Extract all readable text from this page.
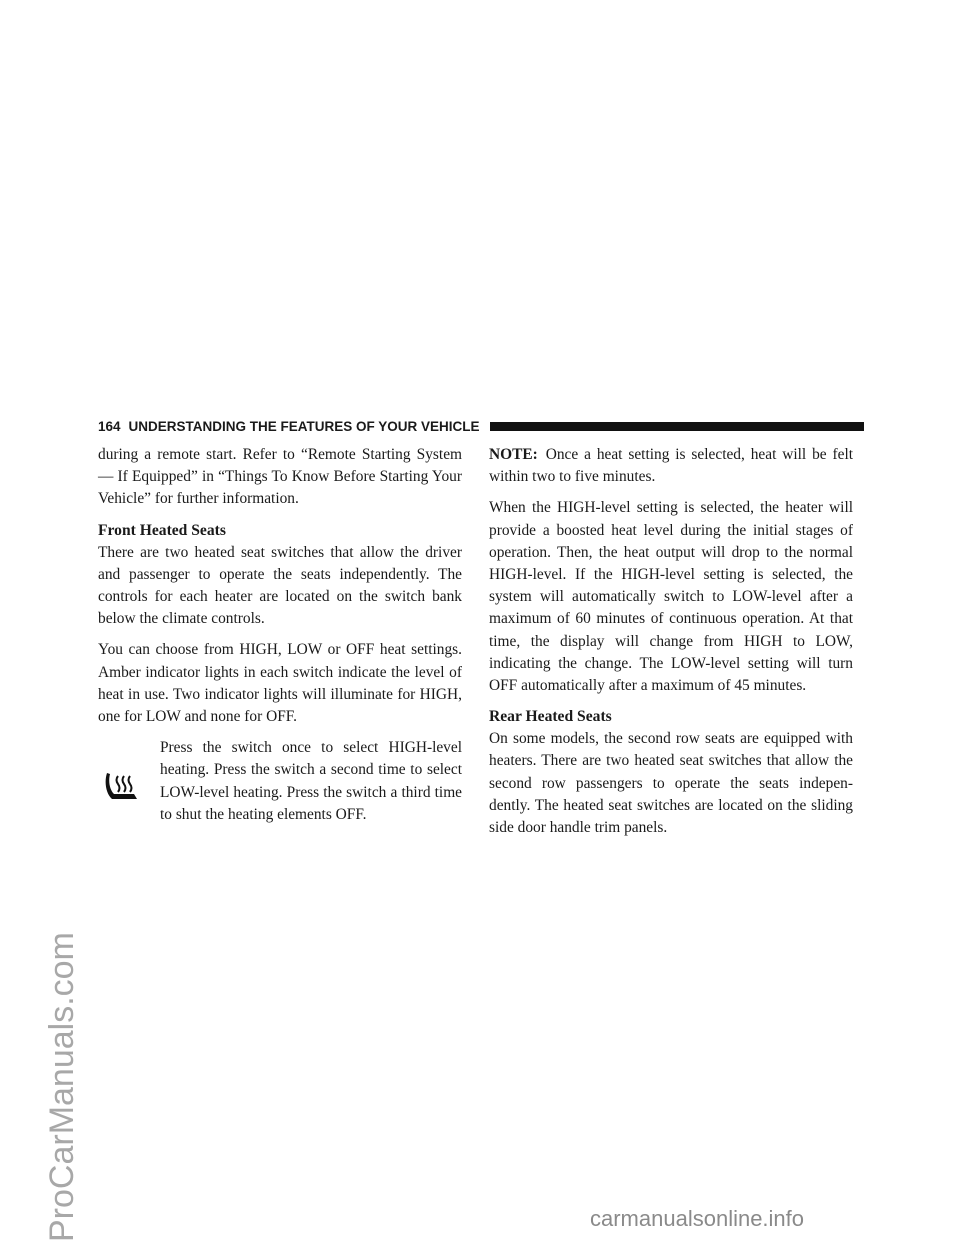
ProCarManuals.com	carmanualsonline.info
164 UNDERSTANDING THE FEATURES OF YOUR VEHICLE

during a remote start. Refer to “Remote Starting System — If Equipped” in “Things To Know Before Starting Your Vehicle” for further information.

Front Heated Seats

There are two heated seat switches that allow the driver and passenger to operate the seats independently. The controls for each heater are located on the switch bank below the climate controls.

You can choose from HIGH, LOW or OFF heat settings. Amber indicator lights in each switch indicate the level of heat in use. Two indicator lights will illuminate for HIGH, one for LOW and none for OFF.

Press the switch once to select HIGH-level heating. Press the switch a second time to select LOW-level heating. Press the switch a third time to shut the heating elements OFF.

NOTE: Once a heat setting is selected, heat will be felt within two to five minutes.

When the HIGH-level setting is selected, the heater will provide a boosted heat level during the initial stages of operation. Then, the heat output will drop to the normal HIGH-level. If the HIGH-level setting is selected, the system will automatically switch to LOW-level after a maximum of 60 minutes of continuous operation. At that time, the display will change from HIGH to LOW, indicating the change. The LOW-level setting will turn OFF automatically after a maximum of 45 minutes.

Rear Heated Seats

On some models, the second row seats are equipped with heaters. There are two heated seat switches that allow the second row passengers to operate the seats indepen- dently. The heated seat switches are located on the sliding side door handle trim panels.
